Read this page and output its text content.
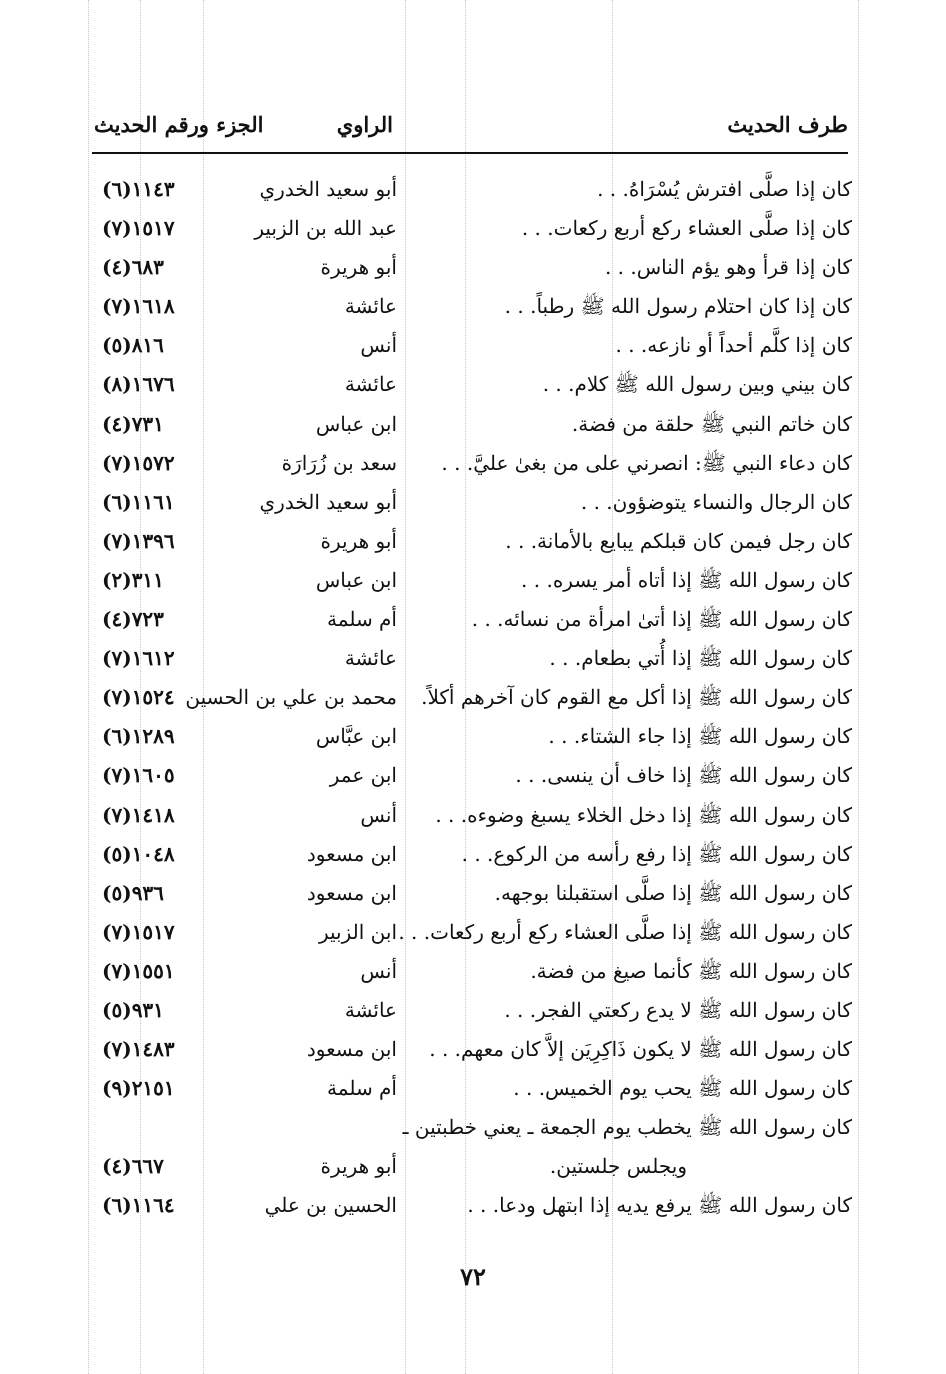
طرف الحديث
الراوي
الجزء ورقم الحديث
كان إذا صلَّى افترش يُسْرَاهُ. . .
أبو سعيد الخدري
١١٤٣(٦)
كان إذا صلَّى العشاء ركع أربع ركعات. . .
عبد الله بن الزبير
١٥١٧(٧)
كان إذا قرأ وهو يؤم الناس. . .
أبو هريرة
٦٨٣(٤)
كان إذا كان احتلام رسول الله ﷺ رطباً. . .
عائشة
١٦١٨(٧)
كان إذا كلَّم أحداً أو نازعه. . .
أنس
٨١٦(٥)
كان بيني وبين رسول الله ﷺ كلام. . .
عائشة
١٦٧٦(٨)
كان خاتم النبي ﷺ حلقة من فضة.
ابن عباس
٧٣١(٤)
كان دعاء النبي ﷺ: انصرني على من بغىٰ عليَّ. . .
سعد بن زُرَارَة
١٥٧٢(٧)
كان الرجال والنساء يتوضؤون. . .
أبو سعيد الخدري
١١٦١(٦)
كان رجل فيمن كان قبلكم يبايع بالأمانة. . .
أبو هريرة
١٣٩٦(٧)
كان رسول الله ﷺ إذا أتاه أمر يسره. . .
ابن عباس
٣١١(٢)
كان رسول الله ﷺ إذا أتىٰ امرأة من نسائه. . .
أم سلمة
٧٢٣(٤)
كان رسول الله ﷺ إذا أُتي بطعام. . .
عائشة
١٦١٢(٧)
كان رسول الله ﷺ إذا أكل مع القوم كان آخرهم أكلاً.
محمد بن علي بن الحسين
١٥٢٤(٧)
كان رسول الله ﷺ إذا جاء الشتاء. . .
ابن عبَّاس
١٢٨٩(٦)
كان رسول الله ﷺ إذا خاف أن ينسى. . .
ابن عمر
١٦٠٥(٧)
كان رسول الله ﷺ إذا دخل الخلاء يسبغ وضوءه. . .
أنس
١٤١٨(٧)
كان رسول الله ﷺ إذا رفع رأسه من الركوع. . .
ابن مسعود
١٠٤٨(٥)
كان رسول الله ﷺ إذا صلَّى استقبلنا بوجهه.
ابن مسعود
٩٣٦(٥)
كان رسول الله ﷺ إذا صلَّى العشاء ركع أربع ركعات. . .
ابن الزبير
١٥١٧(٧)
كان رسول الله ﷺ كأنما صيغ من فضة.
أنس
١٥٥١(٧)
كان رسول الله ﷺ لا يدع ركعتي الفجر. . .
عائشة
٩٣١(٥)
كان رسول الله ﷺ لا يكون ذَاكِرِيَن إلاَّ كان معهم. . .
ابن مسعود
١٤٨٣(٧)
كان رسول الله ﷺ يحب يوم الخميس. . .
أم سلمة
٢١٥١(٩)
كان رسول الله ﷺ يخطب يوم الجمعة ـ يعني خطبتين ـ
ويجلس جلستين.
أبو هريرة
٦٦٧(٤)
كان رسول الله ﷺ يرفع يديه إذا ابتهل ودعا. . .
الحسين بن علي
١١٦٤(٦)
٧٢
